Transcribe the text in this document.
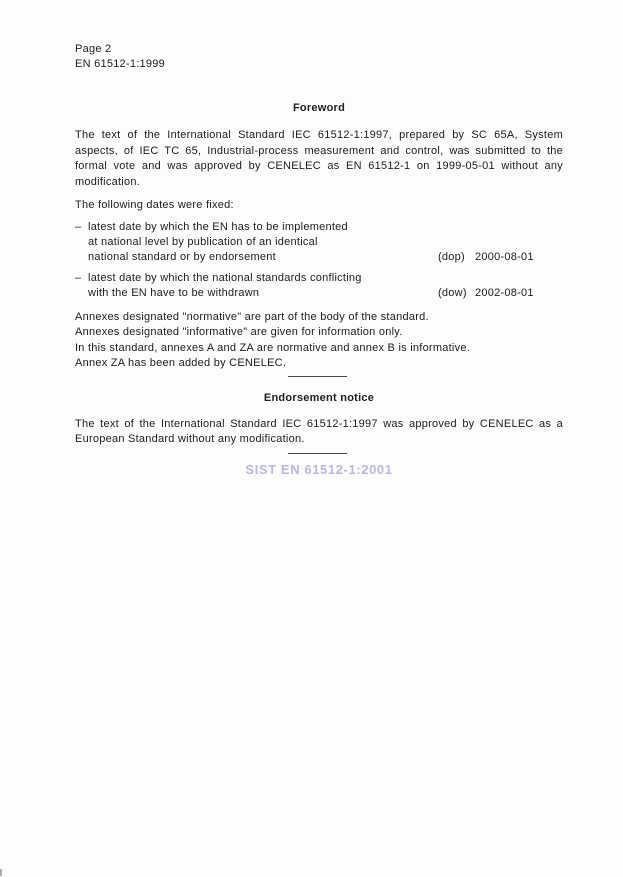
Page 2
EN 61512-1:1999
Foreword
The text of the International Standard IEC 61512-1:1997, prepared by SC 65A, System
aspects, of IEC TC 65, Industrial-process measurement and control, was submitted to the
formal vote and was approved by CENELEC as EN 61512-1 on 1999-05-01 without any
modification.
The following dates were fixed:
– latest date by which the EN has to be implemented
at national level by publication of an identical
national standard or by endorsement	(dop) 2000-08-01
– latest date by which the national standards conflicting
with the EN have to be withdrawn	(dow) 2002-08-01
Annexes designated "normative" are part of the body of the standard.
Annexes designated "informative" are given for information only.
In this standard, annexes A and ZA are normative and annex B is informative.
Annex ZA has been added by CENELEC.
Endorsement notice
The text of the International Standard IEC 61512-1:1997 was approved by CENELEC as a
European Standard without any modification.
SIST EN 61512-1:2001
